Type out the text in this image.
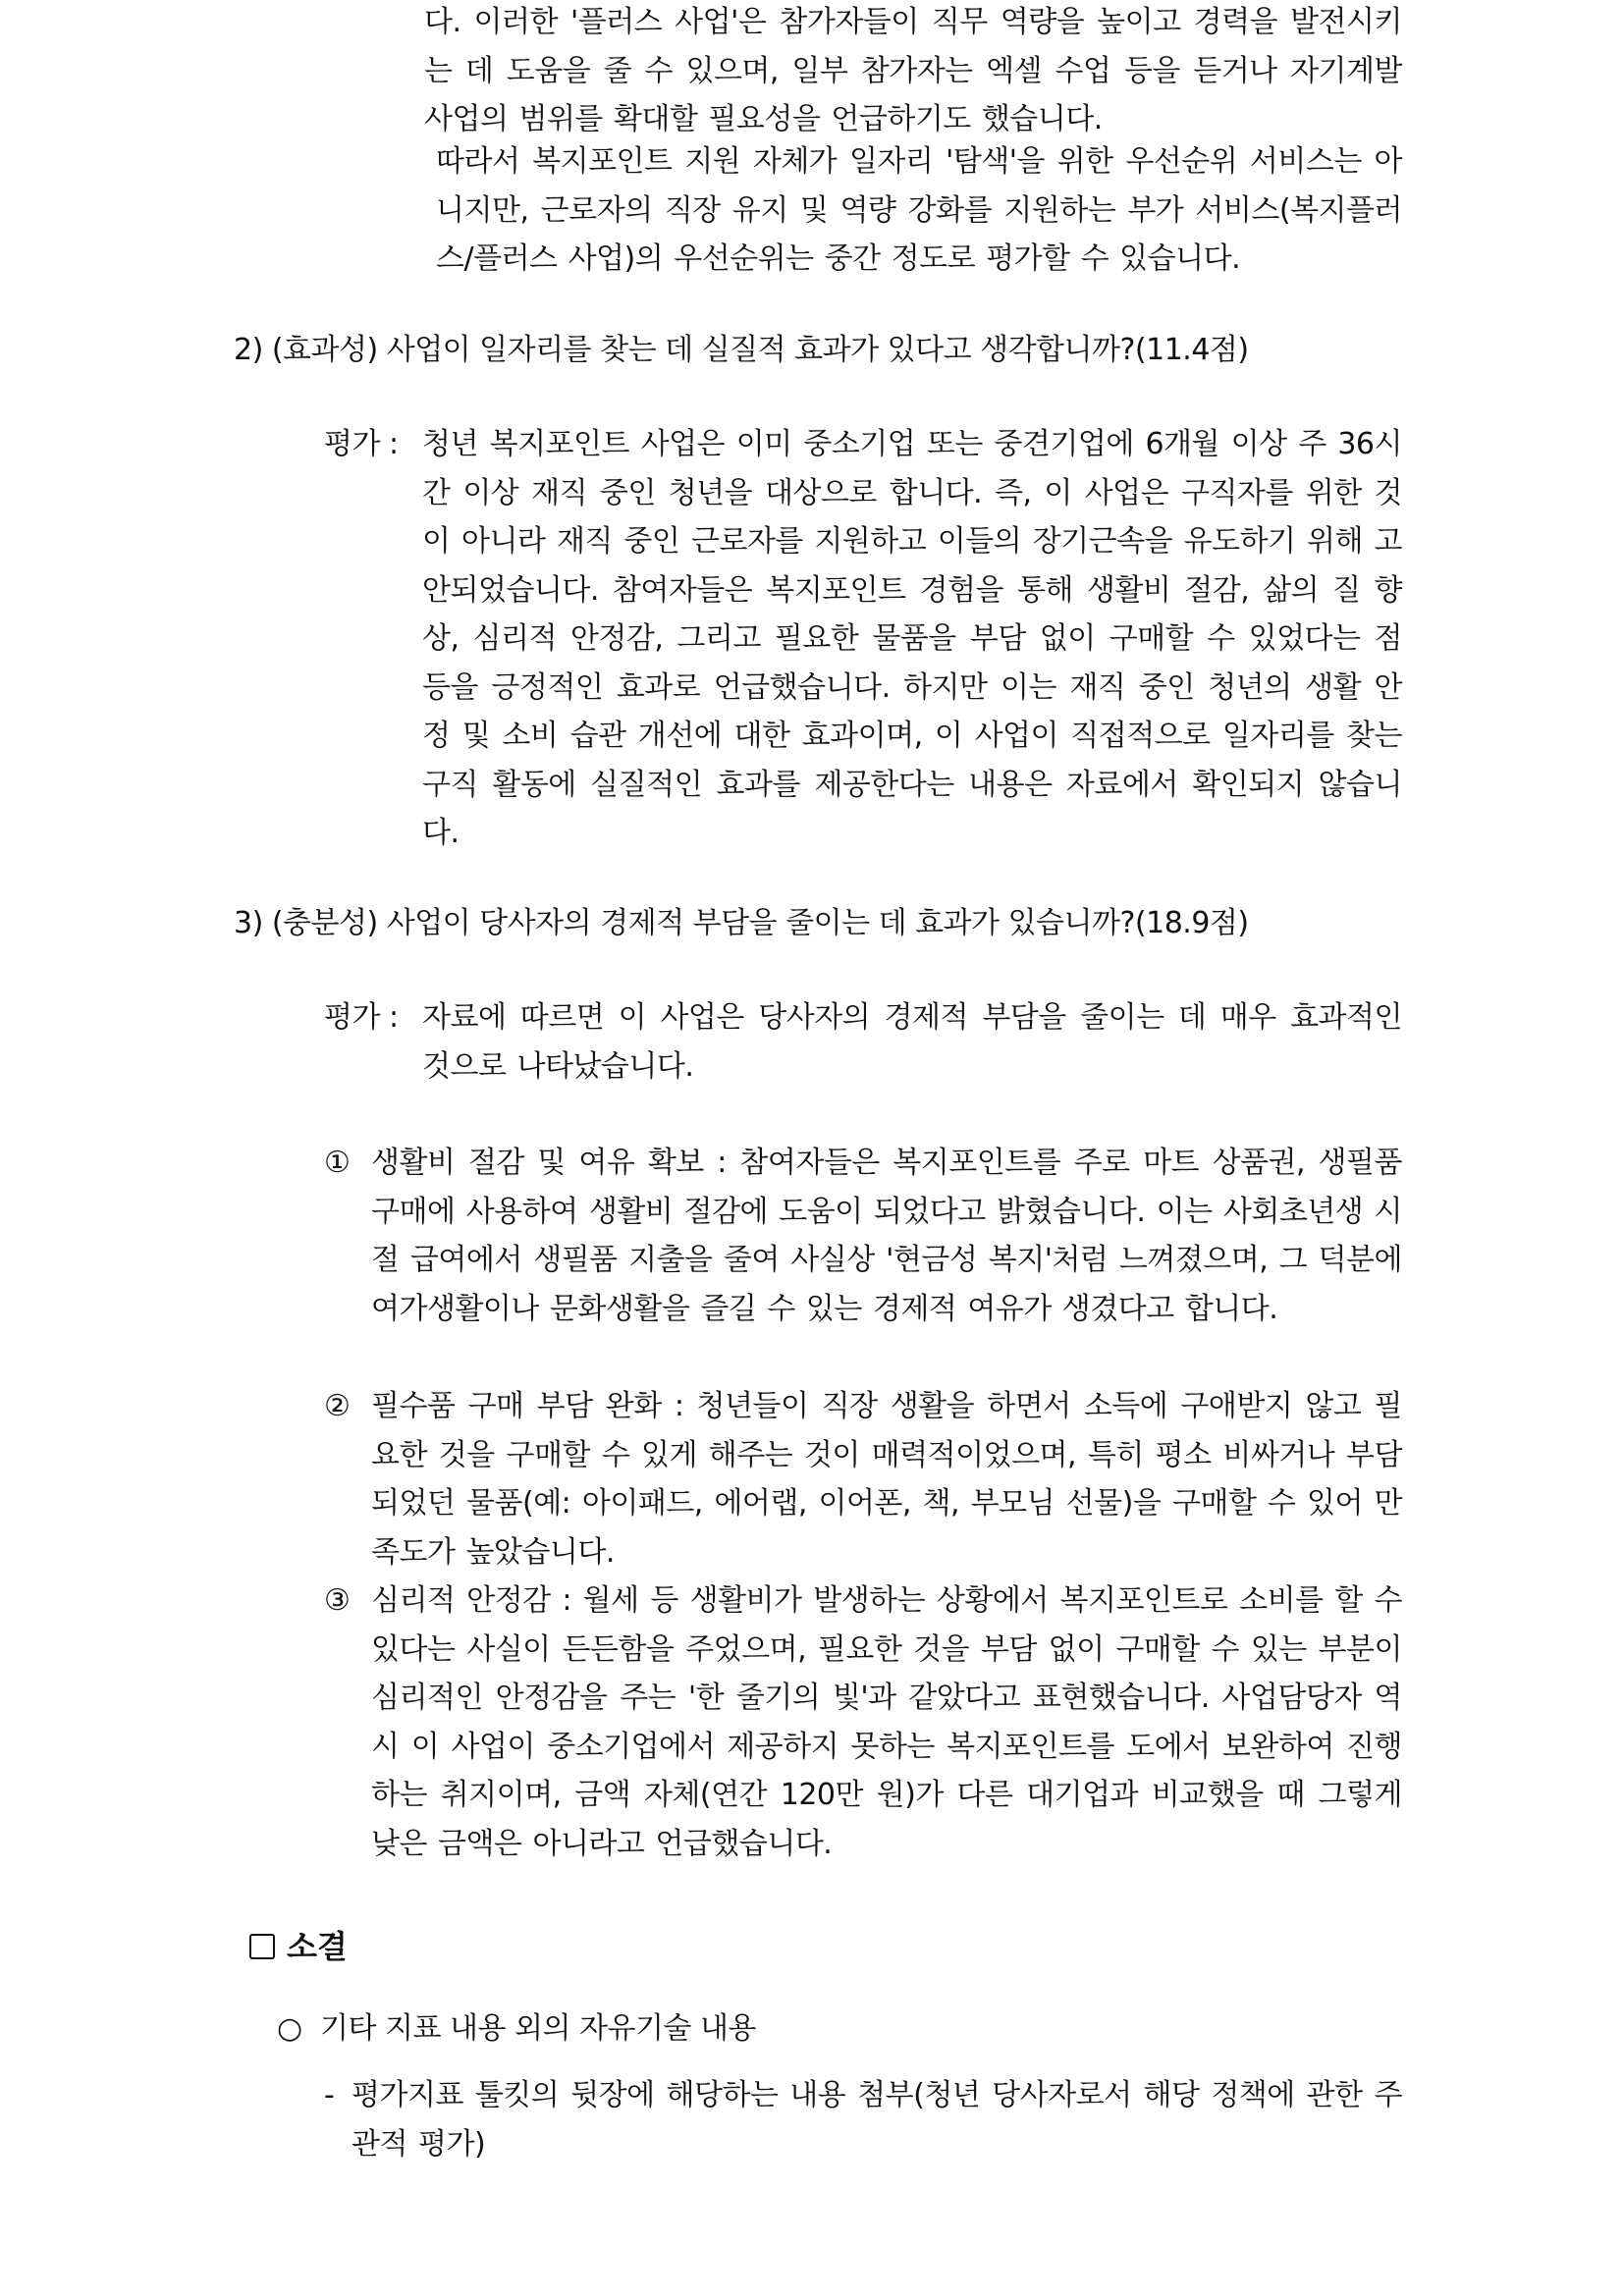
다. 이러한 '플러스 사업'은 참가자들이 직무 역량을 높이고 경력을 발전시키는 데 도움을 줄 수 있으며, 일부 참가자는 엑셀 수업 등을 듣거나 자기계발 사업의 범위를 확대할 필요성을 언급하기도 했습니다.

따라서 복지포인트 지원 자체가 일자리 '탐색'을 위한 우선순위 서비스는 아니지만, 근로자의 직장 유지 및 역량 강화를 지원하는 부가 서비스(복지플러스/플러스 사업)의 우선순위는 중간 정도로 평가할 수 있습니다.

2) (효과성) 사업이 일자리를 찾는 데 실질적 효과가 있다고 생각합니까?(11.4점)
평가 : 청년 복지포인트 사업은 이미 중소기업 또는 중견기업에 6개월 이상 주 36시간 이상 재직 중인 청년을 대상으로 합니다. 즉, 이 사업은 구직자를 위한 것이 아니라 재직 중인 근로자를 지원하고 이들의 장기근속을 유도하기 위해 고안되었습니다. 참여자들은 복지포인트 경험을 통해 생활비 절감, 삶의 질 향상, 심리적 안정감, 그리고 필요한 물품을 부담 없이 구매할 수 있었다는 점 등을 긍정적인 효과로 언급했습니다. 하지만 이는 재직 중인 청년의 생활 안정 및 소비 습관 개선에 대한 효과이며, 이 사업이 직접적으로 일자리를 찾는 구직 활동에 실질적인 효과를 제공한다는 내용은 자료에서 확인되지 않습니다.

3) (충분성) 사업이 당사자의 경제적 부담을 줄이는 데 효과가 있습니까?(18.9점)
평가 : 자료에 따르면 이 사업은 당사자의 경제적 부담을 줄이는 데 매우 효과적인 것으로 나타났습니다.

① 생활비 절감 및 여유 확보 : 참여자들은 복지포인트를 주로 마트 상품권, 생필품 구매에 사용하여 생활비 절감에 도움이 되었다고 밝혔습니다. 이는 사회초년생 시절 급여에서 생필품 지출을 줄여 사실상 '현금성 복지'처럼 느껴졌으며, 그 덕분에 여가생활이나 문화생활을 즐길 수 있는 경제적 여유가 생겼다고 합니다.

② 필수품 구매 부담 완화 : 청년들이 직장 생활을 하면서 소득에 구애받지 않고 필요한 것을 구매할 수 있게 해주는 것이 매력적이었으며, 특히 평소 비싸거나 부담되었던 물품(예: 아이패드, 에어랩, 이어폰, 책, 부모님 선물)을 구매할 수 있어 만족도가 높았습니다.

③ 심리적 안정감 : 월세 등 생활비가 발생하는 상황에서 복지포인트로 소비를 할 수 있다는 사실이 든든함을 주었으며, 필요한 것을 부담 없이 구매할 수 있는 부분이 심리적인 안정감을 주는 '한 줄기의 빛'과 같았다고 표현했습니다. 사업담당자 역시 이 사업이 중소기업에서 제공하지 못하는 복지포인트를 도에서 보완하여 진행하는 취지이며, 금액 자체(연간 120만 원)가 다른 대기업과 비교했을 때 그렇게 낮은 금액은 아니라고 언급했습니다.

소결
○ 기타 지표 내용 외의 자유기술 내용
- 평가지표 툴킷의 뒷장에 해당하는 내용 첨부(청년 당사자로서 해당 정책에 관한 주관적 평가)
